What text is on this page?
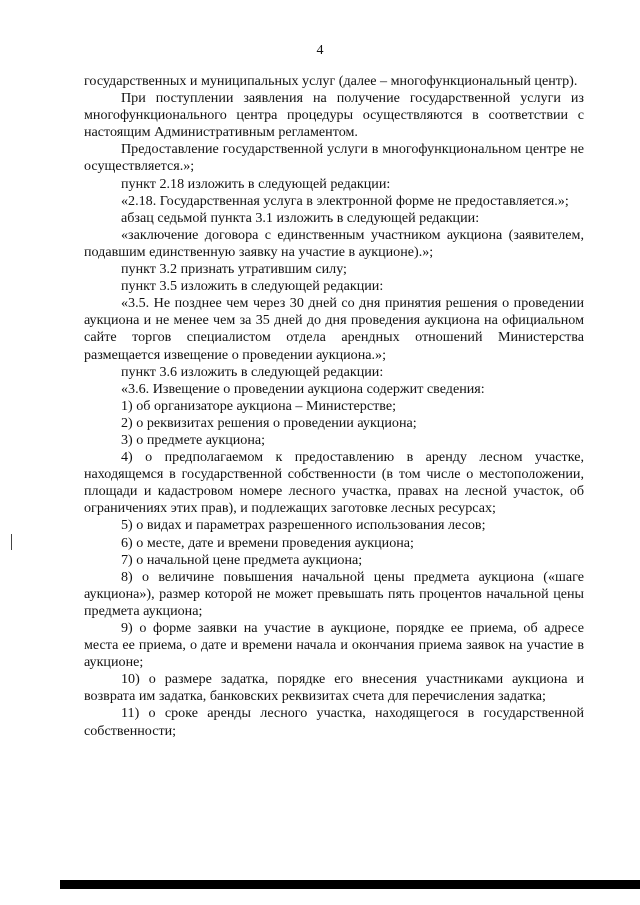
4

государственных и муниципальных услуг (далее – многофункциональный центр).

При поступлении заявления на получение государственной услуги из многофункционального центра процедуры осуществляются в соответствии с настоящим Административным регламентом.

Предоставление государственной услуги в многофункциональном центре не осуществляется.»;

пункт 2.18 изложить в следующей редакции:

«2.18. Государственная услуга в электронной форме не предоставляется.»;

абзац седьмой пункта 3.1 изложить в следующей редакции:

«заключение договора с единственным участником аукциона (заявителем, подавшим единственную заявку на участие в аукционе).»;

пункт 3.2 признать утратившим силу;

пункт 3.5 изложить в следующей редакции:

«3.5. Не позднее чем через 30 дней со дня принятия решения о проведении аукциона и не менее чем за 35 дней до дня проведения аукциона на официальном сайте торгов специалистом отдела арендных отношений Министерства размещается извещение о проведении аукциона.»;

пункт 3.6 изложить в следующей редакции:

«3.6. Извещение о проведении аукциона содержит сведения:

1) об организаторе аукциона – Министерстве;

2) о реквизитах решения о проведении аукциона;

3) о предмете аукциона;

4) о предполагаемом к предоставлению в аренду лесном участке, находящемся в государственной собственности (в том числе о местоположении, площади и кадастровом номере лесного участка, правах на лесной участок, об ограничениях этих прав), и подлежащих заготовке лесных ресурсах;

5) о видах и параметрах разрешенного использования лесов;

6) о месте, дате и времени проведения аукциона;

7) о начальной цене предмета аукциона;

8) о величине повышения начальной цены предмета аукциона («шаге аукциона»), размер которой не может превышать пять процентов начальной цены предмета аукциона;

9) о форме заявки на участие в аукционе, порядке ее приема, об адресе места ее приема, о дате и времени начала и окончания приема заявок на участие в аукционе;

10) о размере задатка, порядке его внесения участниками аукциона и возврата им задатка, банковских реквизитах счета для перечисления задатка;

11) о сроке аренды лесного участка, находящегося в государственной собственности;
